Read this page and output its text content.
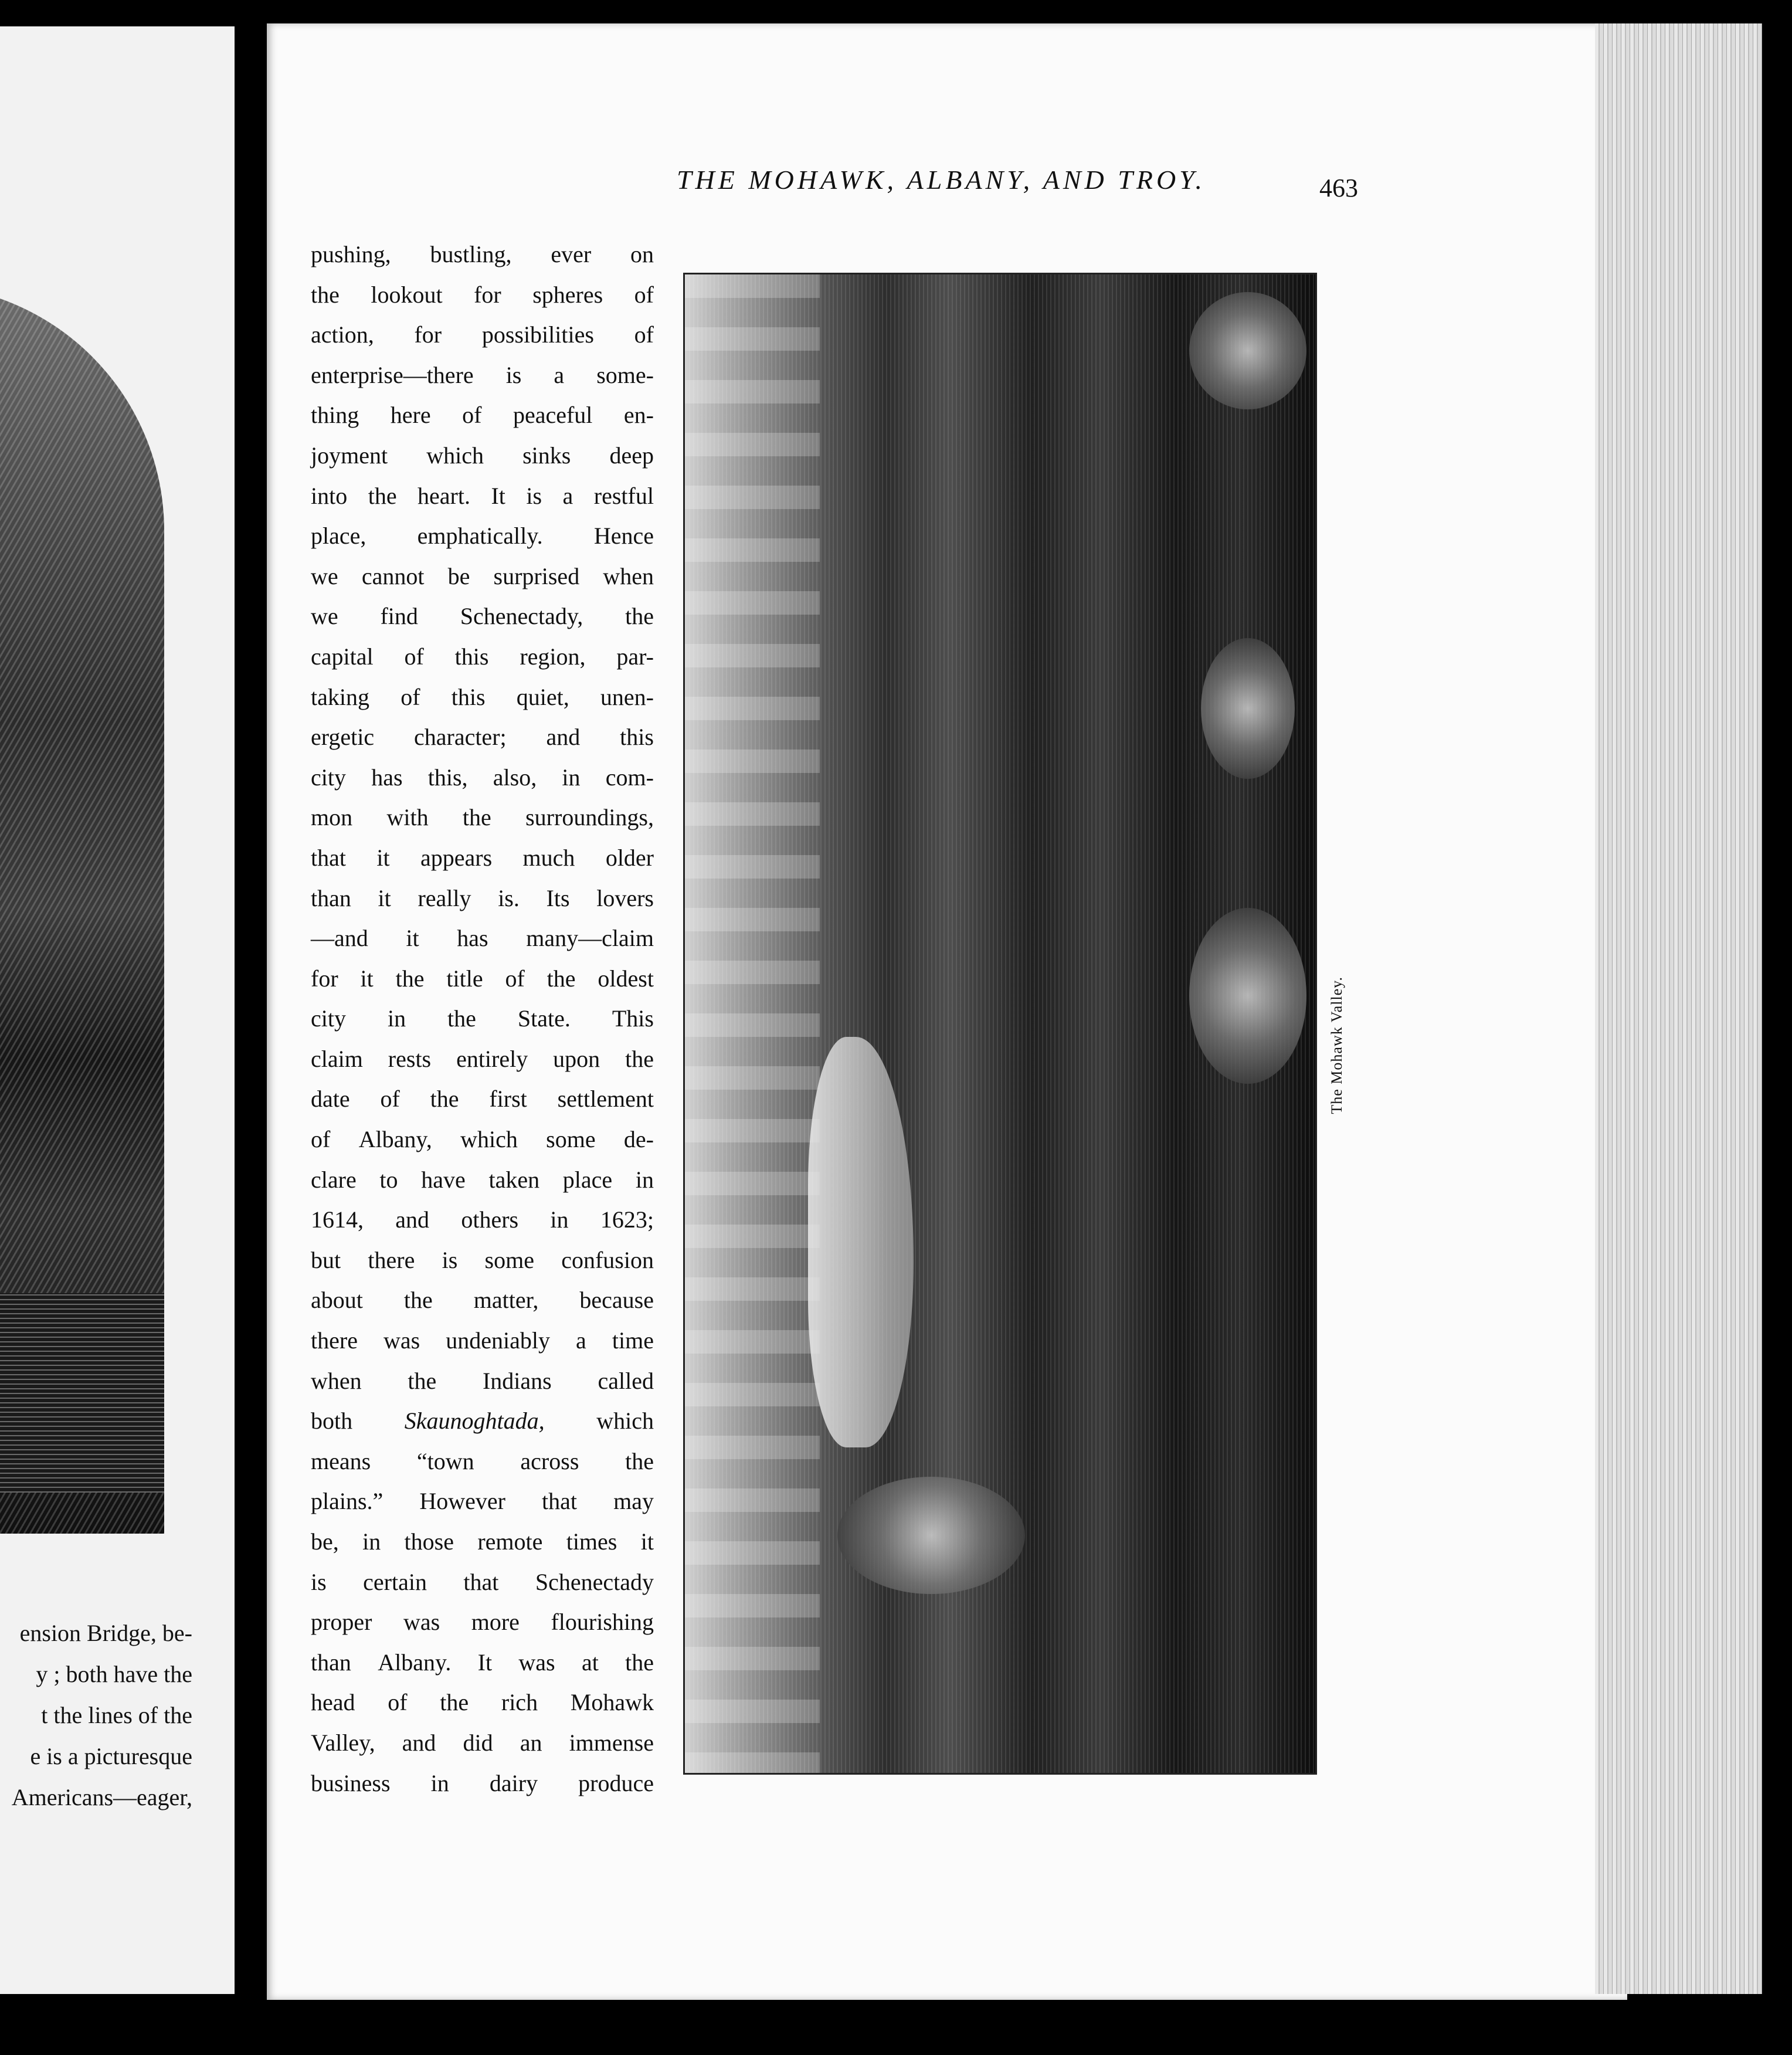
ension Bridge, be-
y ; both have the
t the lines of the
e is a picturesque
Americans—eager,
THE MOHAWK, ALBANY, AND TROY.	463
pushing, bustling, ever on
the lookout for spheres of
action, for possibilities of
enterprise—there is a some-
thing here of peaceful en-
joyment which sinks deep
into the heart. It is a restful
place, emphatically. Hence
we cannot be surprised when
we find Schenectady, the
capital of this region, par-
taking of this quiet, unen-
ergetic character; and this
city has this, also, in com-
mon with the surroundings,
that it appears much older
than it really is. Its lovers
—and it has many—claim
for it the title of the oldest
city in the State. This
claim rests entirely upon the
date of the first settlement
of Albany, which some de-
clare to have taken place in
1614, and others in 1623;
but there is some confusion
about the matter, because
there was undeniably a time
when the Indians called
both Skaunoghtada, which
means “town across the
plains.” However that may
be, in those remote times it
is certain that Schenectady
proper was more flourishing
than Albany. It was at the
head of the rich Mohawk
Valley, and did an immense
business in dairy produce
The Mohawk Valley.
